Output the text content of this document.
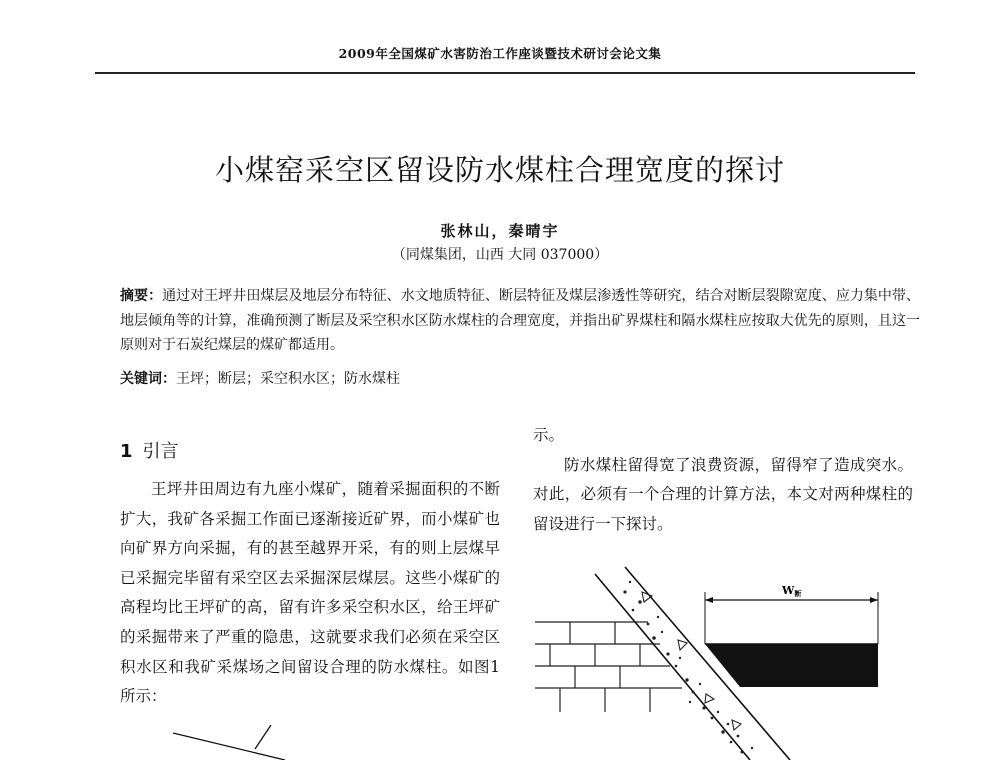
2009年全国煤矿水害防治工作座谈暨技术研讨会论文集
小煤窑采空区留设防水煤柱合理宽度的探讨
张林山，秦晴宇
（同煤集团，山西 大同 037000）
摘要：通过对王坪井田煤层及地层分布特征、水文地质特征、断层特征及煤层渗透性等研究，结合对断层裂隙宽度、应力集中带、地层倾角等的计算，准确预测了断层及采空积水区防水煤柱的合理宽度，并指出矿界煤柱和隔水煤柱应按取大优先的原则，且这一原则对于石炭纪煤层的煤矿都适用。
关键词：王坪；断层；采空积水区；防水煤柱
1 引言

王坪井田周边有九座小煤矿，随着采掘面积的不断扩大，我矿各采掘工作面已逐渐接近矿界，而小煤矿也向矿界方向采掘，有的甚至越界开采，有的则上层煤早已采掘完毕留有采空区去采掘深层煤层。这些小煤矿的高程均比王坪矿的高，留有许多采空积水区，给王坪矿的采掘带来了严重的隐患，这就要求我们必须在采空区积水区和我矿采煤场之间留设合理的防水煤柱。如图1所示：

示。

防水煤柱留得宽了浪费资源，留得窄了造成突水。对此，必须有一个合理的计算方法，本文对两种煤柱的留设进行一下探讨。

W断
